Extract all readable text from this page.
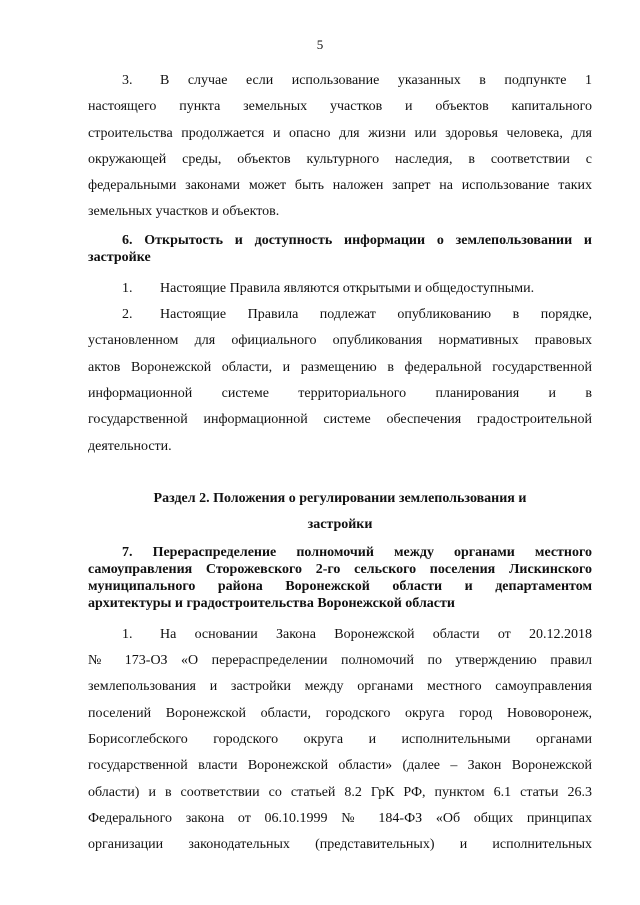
5
3. В случае если использование указанных в подпункте 1
настоящего пункта земельных участков и объектов капитального
строительства продолжается и опасно для жизни или здоровья человека, для
окружающей среды, объектов культурного наследия, в соответствии с
федеральными законами может быть наложен запрет на использование таких
земельных участков и объектов.
6. Открытость и доступность информации о землепользовании и
застройке
1. Настоящие Правила являются открытыми и общедоступными.
2. Настоящие Правила подлежат опубликованию в порядке,
установленном для официального опубликования нормативных правовых
актов Воронежской области, и размещению в федеральной государственной
информационной системе территориального планирования и в
государственной информационной системе обеспечения градостроительной
деятельности.
Раздел 2. Положения о регулировании землепользования и
застройки
7. Перераспределение полномочий между органами местного
самоуправления Сторожевского 2-го сельского поселения Лискинского
муниципального района Воронежской области и департаментом
архитектуры и градостроительства Воронежской области
1. На основании Закона Воронежской области от 20.12.2018
№ 173-ОЗ «О перераспределении полномочий по утверждению правил
землепользования и застройки между органами местного самоуправления
поселений Воронежской области, городского округа город Нововоронеж,
Борисоглебского городского округа и исполнительными органами
государственной власти Воронежской области» (далее – Закон Воронежской
области) и в соответствии со статьей 8.2 ГрК РФ, пунктом 6.1 статьи 26.3
Федерального закона от 06.10.1999 № 184-ФЗ «Об общих принципах
организации законодательных (представительных) и исполнительных
